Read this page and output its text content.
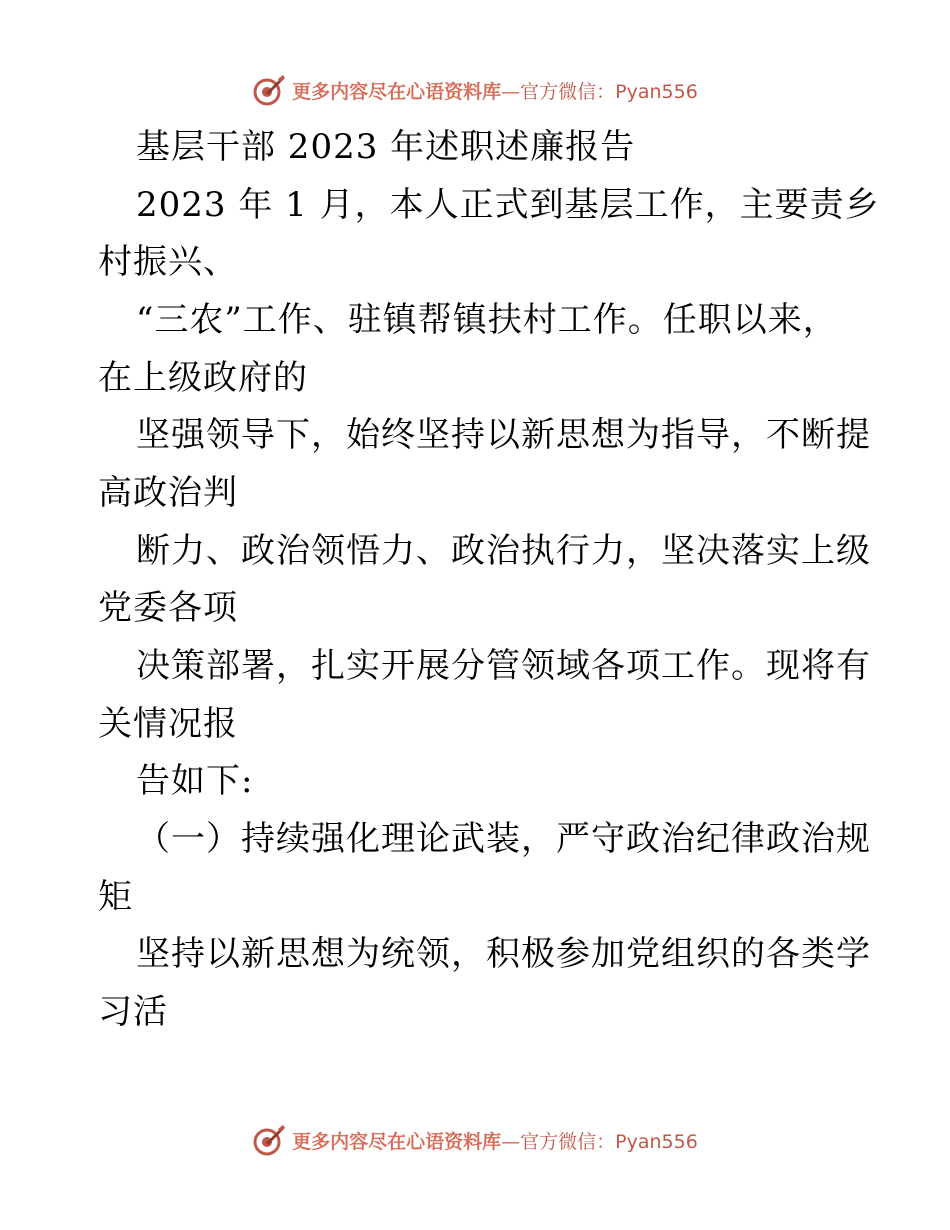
更多内容尽在心语资料库—官方微信：Pyan556
基层干部 2023 年述职述廉报告
2023 年 1 月，本人正式到基层工作，主要责乡
村振兴、
“三农”工作、驻镇帮镇扶村工作。任职以来，
在上级政府的
坚强领导下，始终坚持以新思想为指导，不断提
高政治判
断力、政治领悟力、政治执行力，坚决落实上级
党委各项
决策部署，扎实开展分管领域各项工作。现将有
关情况报
告如下:
（一）持续强化理论武装，严守政治纪律政治规
矩
坚持以新思想为统领，积极参加党组织的各类学
习活
更多内容尽在心语资料库—官方微信：Pyan556
